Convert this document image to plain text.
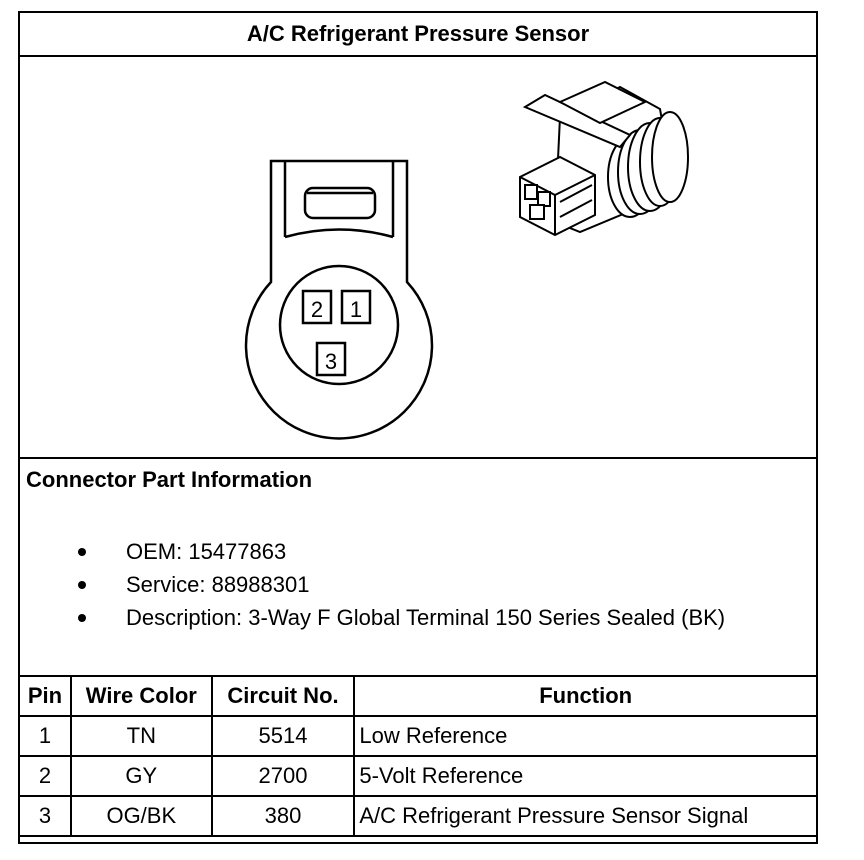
A/C Refrigerant Pressure Sensor
2 1
3
Connector Part Information
OEM: 15477863
Service: 88988301
Description: 3-Way F Global Terminal 150 Series Sealed (BK)
Pin	Wire Color	Circuit No.	Function
1	TN	5514	Low Reference
2	GY	2700	5-Volt Reference
3	OG/BK	380	A/C Refrigerant Pressure Sensor Signal
